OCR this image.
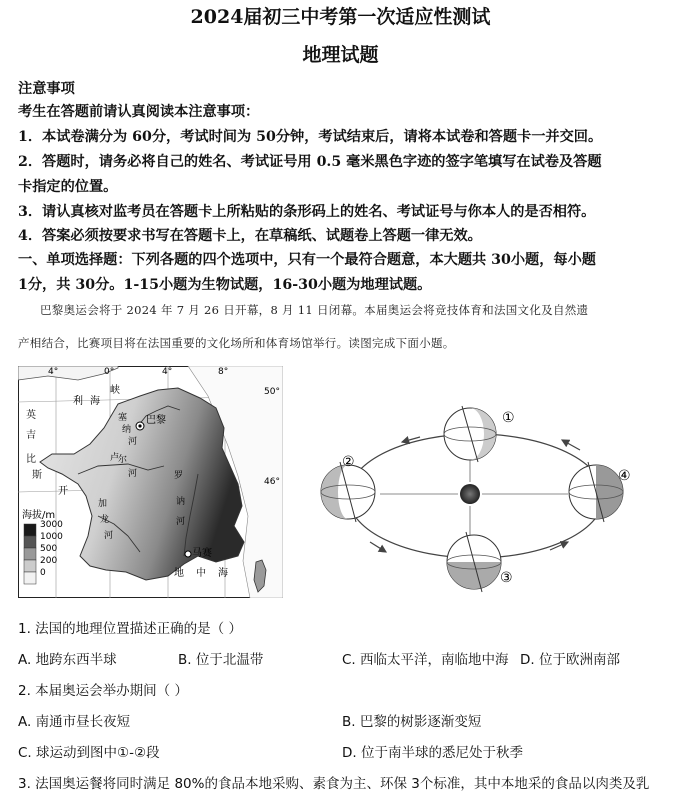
2024届初三中考第一次适应性测试
地理试题
注意事项
考生在答题前请认真阅读本注意事项：
1．本试卷满分为 60分，考试时间为 50分钟，考试结束后，请将本试卷和答题卡一并交回。
2．答题时，请务必将自己的姓名、考试证号用 0.5 毫米黑色字迹的签字笔填写在试卷及答题
卡指定的位置。
3．请认真核对监考员在答题卡上所粘贴的条形码上的姓名、考试证号与你本人的是否相符。
4．答案必须按要求书写在答题卡上，在草稿纸、试题卷上答题一律无效。
一、单项选择题：下列各题的四个选项中，只有一个最符合题意，本大题共 30小题，每小题
1分，共 30分。1-15小题为生物试题，16-30小题为地理试题。
巴黎奥运会将于 2024 年 7 月 26 日开幕，8 月 11 日闭幕。本届奥运会将竞技体育和法国文化及自然遗
产相结合，比赛项目将在法国重要的文化场所和体育场馆举行。读图完成下面小题。
4°	0°	4°	8°
50°
46°
峡
利 海
英
吉
比
斯
开
塞
纳
河
卢
尔
河
加
龙
河
罗
讷
河
巴黎
马赛
地 中 海
海拔/m
3000
1000
500
200
0
①
②
③
④
1. 法国的地理位置描述正确的是（ ）
A. 地跨东西半球	B. 位于北温带	C. 西临太平洋，南临地中海 D. 位于欧洲南部
2. 本届奥运会举办期间（ ）
A. 南通市昼长夜短	B. 巴黎的树影逐渐变短
C. 球运动到图中①-②段	D. 位于南半球的悉尼处于秋季
3. 法国奥运餐将同时满足 80%的食品本地采购、素食为主、环保 3个标准，其中本地采的食品以肉类及乳
